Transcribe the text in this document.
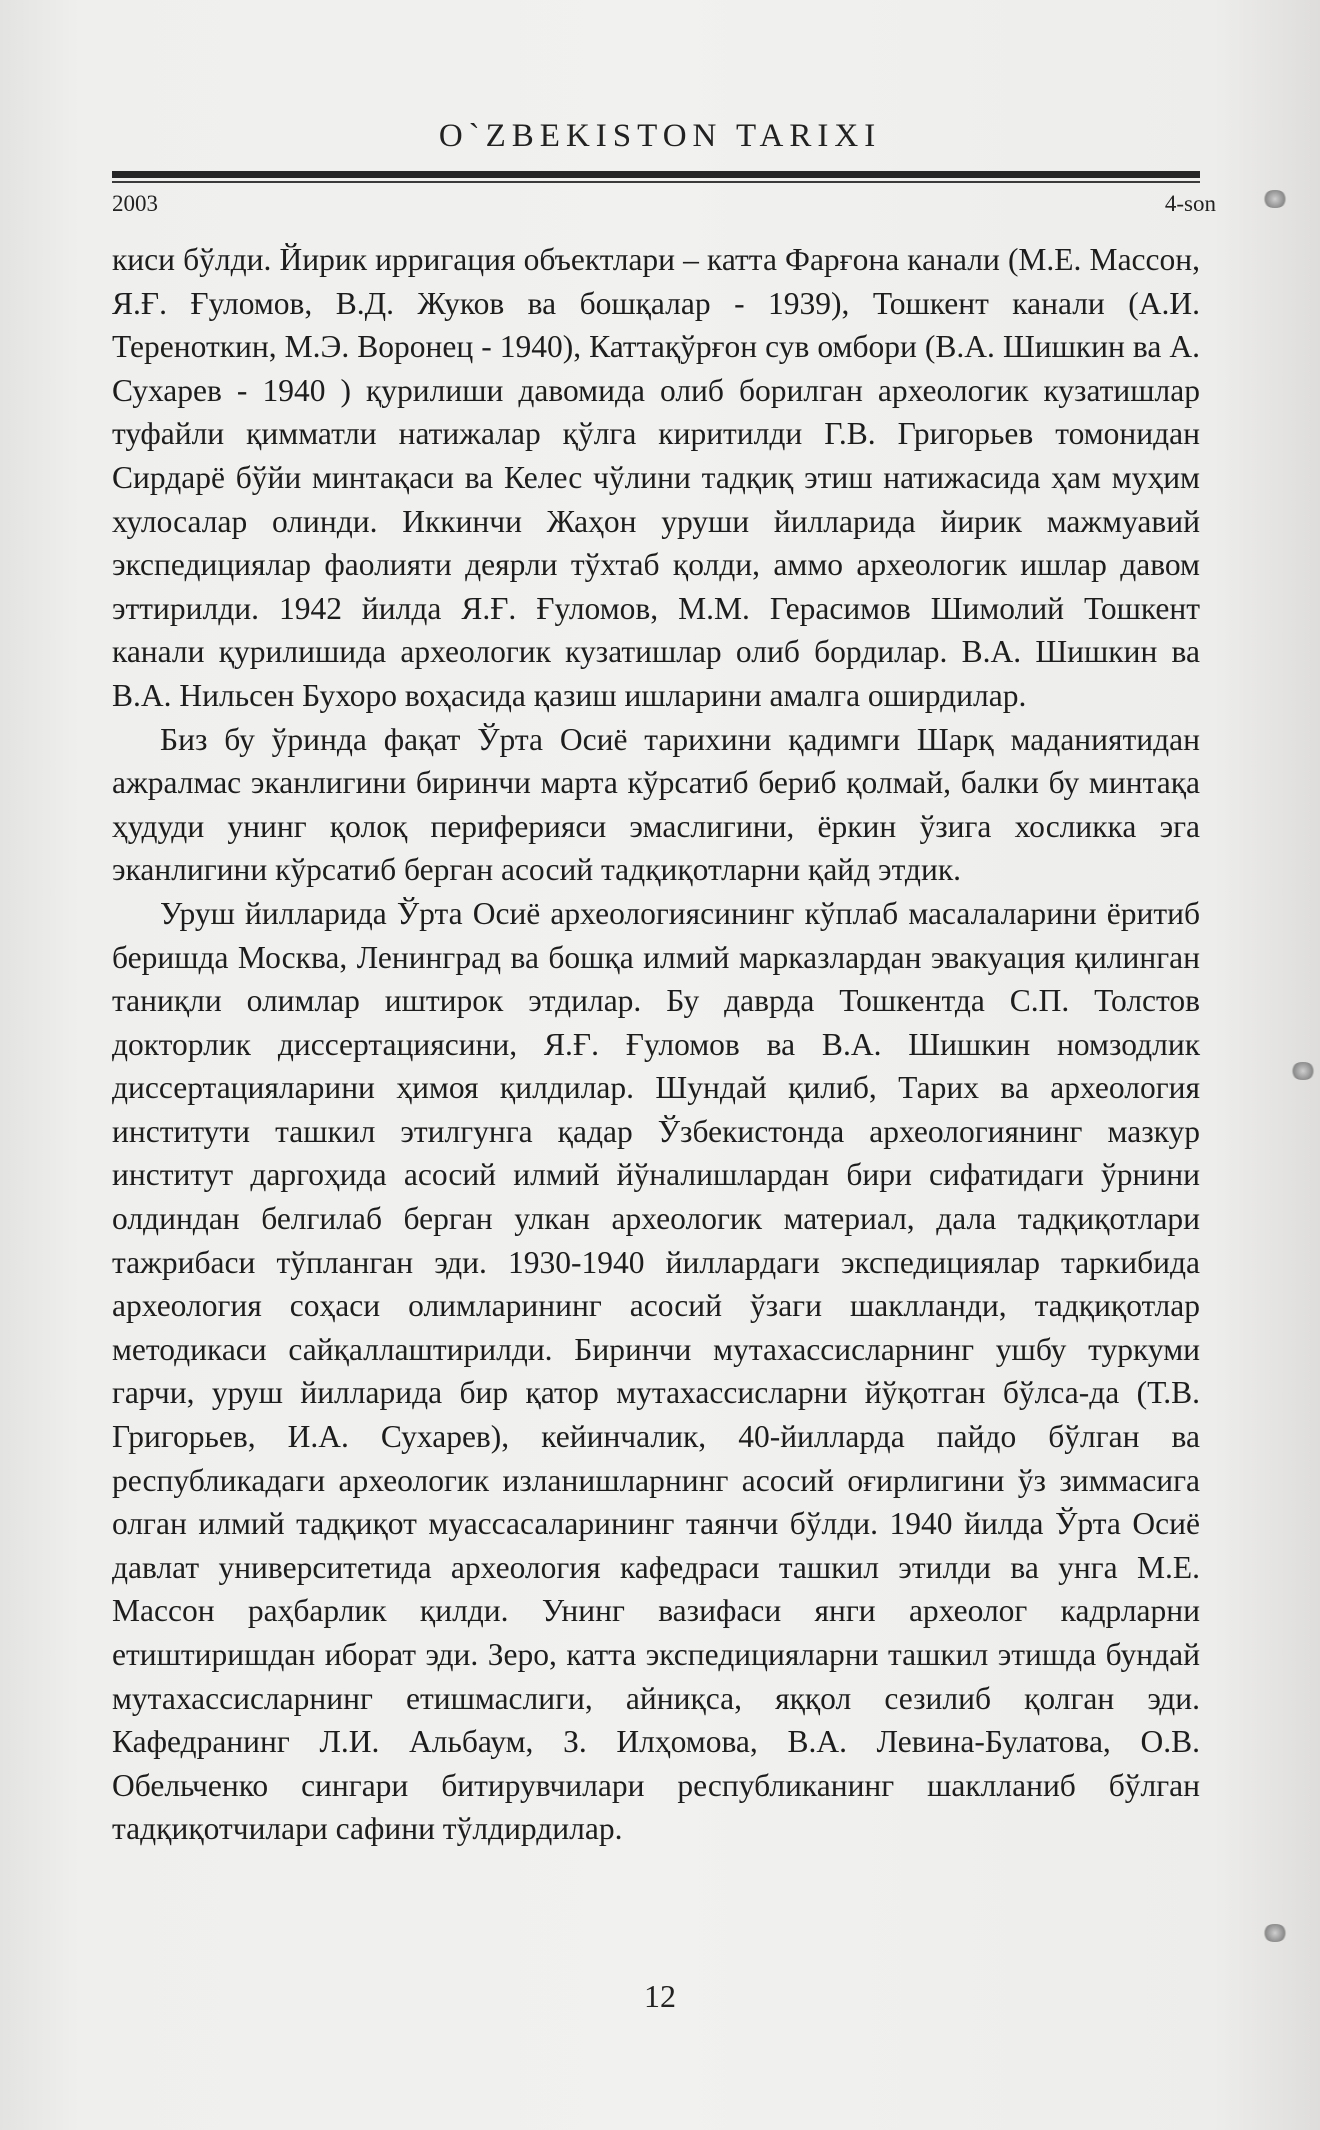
O`ZBEKISTON TARIXI
2003	4-son

киси бўлди. Йирик ирригация объектлари – катта Фарғона канали (М.Е. Массон, Я.Ғ. Ғуломов, В.Д. Жуков ва бошқалар - 1939), Тошкент канали (А.И. Тереноткин, М.Э. Воронец - 1940), Каттақўрғон сув омбори (В.А. Шишкин ва А. Сухарев - 1940 ) қурилиши давомида олиб борилган археологик кузатишлар туфайли қимматли натижалар қўлга киритилди Г.В. Григорьев томонидан Сирдарё бўйи минтақаси ва Келес чўлини тадқиқ этиш натижасида ҳам муҳим хулосалар олинди. Иккинчи Жаҳон уруши йилларида йирик мажмуавий экспедициялар фаолияти деярли тўхтаб қолди, аммо археологик ишлар давом эттирилди. 1942 йилда Я.Ғ. Ғуломов, М.М. Герасимов Шимолий Тошкент канали қурилишида археологик кузатишлар олиб бордилар. В.А. Шишкин ва В.А. Нильсен Бухоро воҳасида қазиш ишларини амалга оширдилар.

Биз бу ўринда фақат Ўрта Осиё тарихини қадимги Шарқ маданиятидан ажралмас эканлигини биринчи марта кўрсатиб бериб қолмай, балки бу минтақа ҳудуди унинг қолоқ периферияси эмаслигини, ёркин ўзига хосликка эга эканлигини кўрсатиб берган асосий тадқиқотларни қайд этдик.

Уруш йилларида Ўрта Осиё археологиясининг кўплаб масалаларини ёритиб беришда Москва, Ленинград ва бошқа илмий марказлардан эвакуация қилинган таниқли олимлар иштирок этдилар. Бу даврда Тошкентда С.П. Толстов докторлик диссертациясини, Я.Ғ. Ғуломов ва В.А. Шишкин номзодлик диссертацияларини ҳимоя қилдилар. Шундай қилиб, Тарих ва археология институти ташкил этилгунга қадар Ўзбекистонда археологиянинг мазкур институт даргоҳида асосий илмий йўналишлардан бири сифатидаги ўрнини олдиндан белгилаб берган улкан археологик материал, дала тадқиқотлари тажрибаси тўпланган эди. 1930-1940 йиллардаги экспедициялар таркибида археология соҳаси олимларининг асосий ўзаги шаклланди, тадқиқотлар методикаси сайқаллаштирилди. Биринчи мутахассисларнинг ушбу туркуми гарчи, уруш йилларида бир қатор мутахассисларни йўқотган бўлса-да (Т.В. Григорьев, И.А. Сухарев), кейинчалик, 40-йилларда пайдо бўлган ва республикадаги археологик изланишларнинг асосий оғирлигини ўз зиммасига олган илмий тадқиқот муассасаларининг таянчи бўлди. 1940 йилда Ўрта Осиё давлат университетида археология кафедраси ташкил этилди ва унга М.Е. Массон раҳбарлик қилди. Унинг вазифаси янги археолог кадрларни етиштиришдан иборат эди. Зеро, катта экспедицияларни ташкил этишда бундай мутахассисларнинг етишмаслиги, айниқса, яққол сезилиб қолган эди. Кафедранинг Л.И. Альбаум, З. Илҳомова, В.А. Левина-Булатова, О.В. Обельченко сингари битирувчилари республиканинг шаклланиб бўлган тадқиқотчилари сафини тўлдирдилар.

12
